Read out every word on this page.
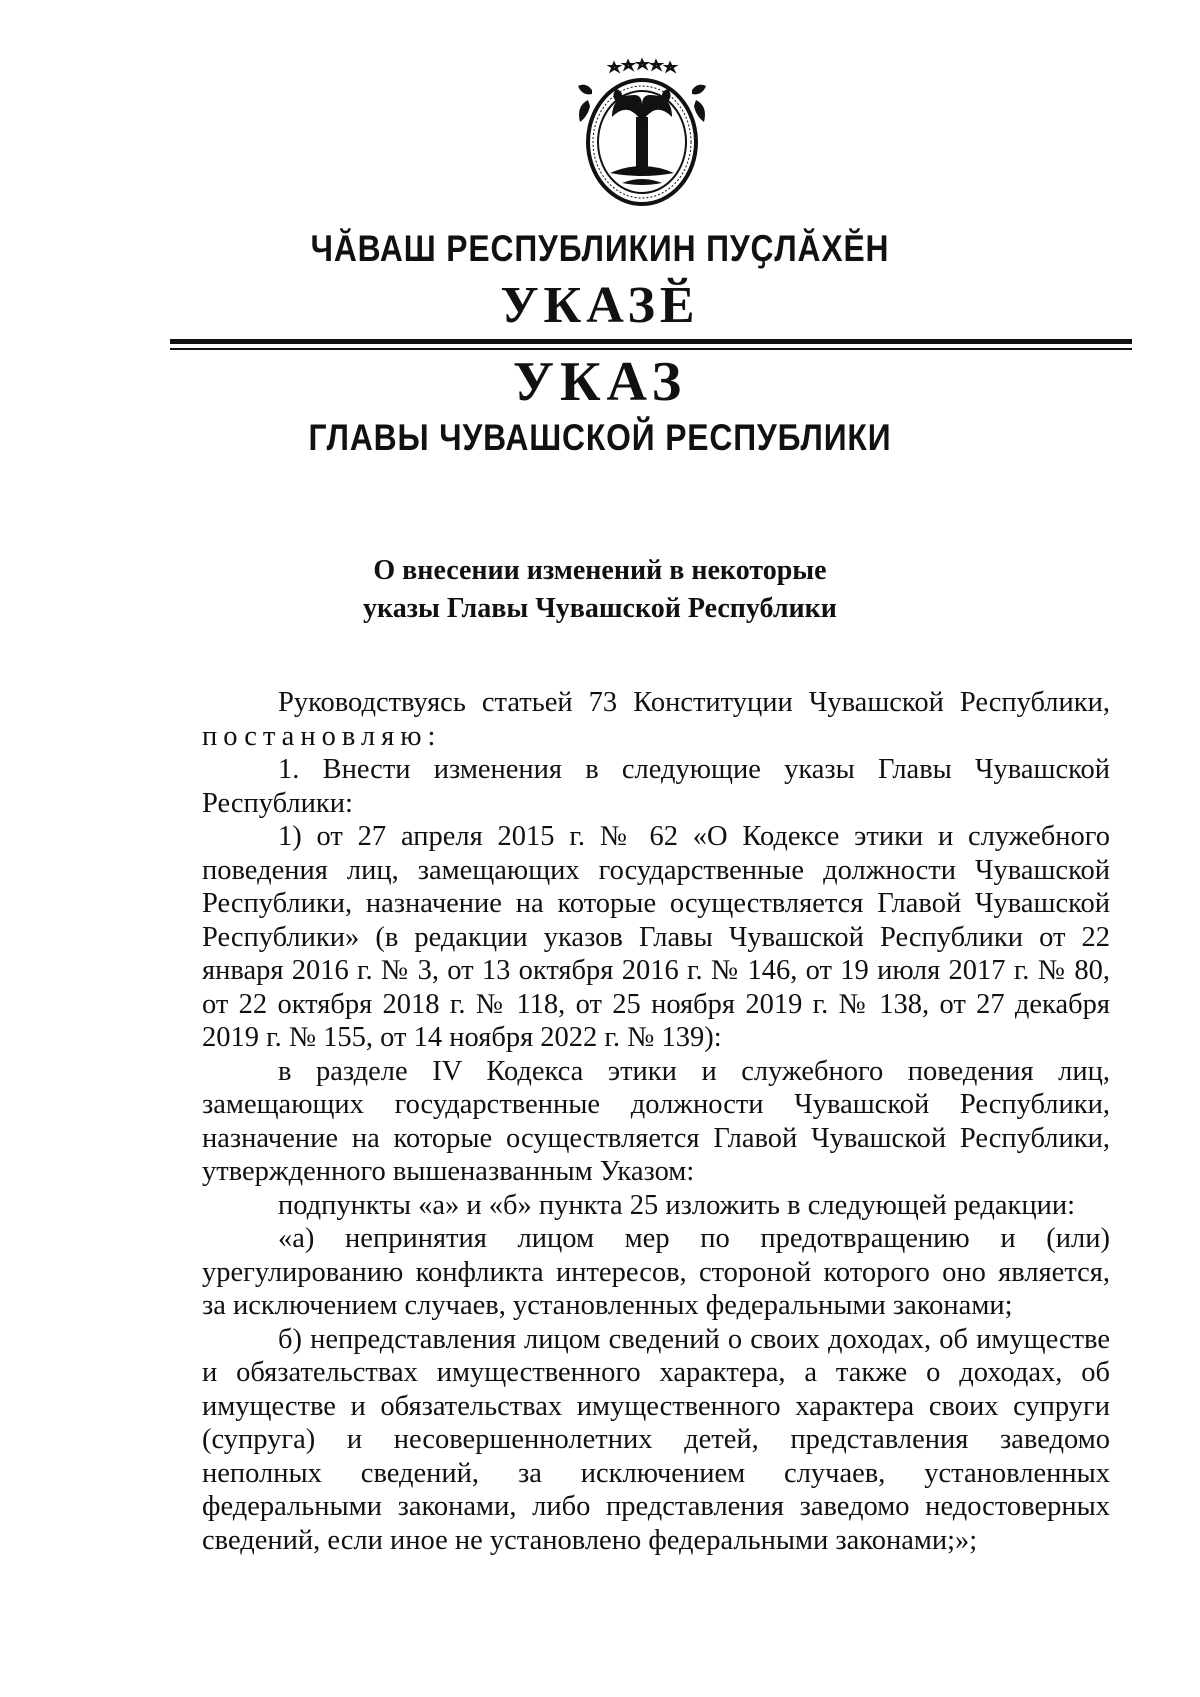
ЧӐВАШ РЕСПУБЛИКИН ПУҪЛӐХӖН
УКАЗӖ
УКАЗ
ГЛАВЫ ЧУВАШСКОЙ РЕСПУБЛИКИ
О внесении изменений в некоторые
указы Главы Чувашской Республики

Руководствуясь статьей 73 Конституции Чувашской Республики,

постановляю:

1. Внести изменения в следующие указы Главы Чувашской Республики:

1) от 27 апреля 2015 г. № 62 «О Кодексе этики и служебного поведения лиц, замещающих государственные должности Чувашской Республики, назначение на которые осуществляется Главой Чувашской Республики» (в редакции указов Главы Чувашской Республики от 22 января 2016 г. № 3, от 13 октября 2016 г. № 146, от 19 июля 2017 г. № 80, от 22 октября 2018 г. № 118, от 25 ноября 2019 г. № 138, от 27 декабря 2019 г. № 155, от 14 ноября 2022 г. № 139):

в разделе IV Кодекса этики и служебного поведения лиц, замещающих государственные должности Чувашской Республики, назначение на которые осуществляется Главой Чувашской Республики, утвержденного вышеназванным Указом:

подпункты «а» и «б» пункта 25 изложить в следующей редакции:

«а) непринятия лицом мер по предотвращению и (или) урегулированию конфликта интересов, стороной которого оно является, за исключением случаев, установленных федеральными законами;

б) непредставления лицом сведений о своих доходах, об имуществе и обязательствах имущественного характера, а также о доходах, об имуществе и обязательствах имущественного характера своих супруги (супруга) и несовершеннолетних детей, представления заведомо неполных сведений, за исключением случаев, установленных федеральными законами, либо представления заведомо недостоверных сведений, если иное не установлено федеральными законами;»;
